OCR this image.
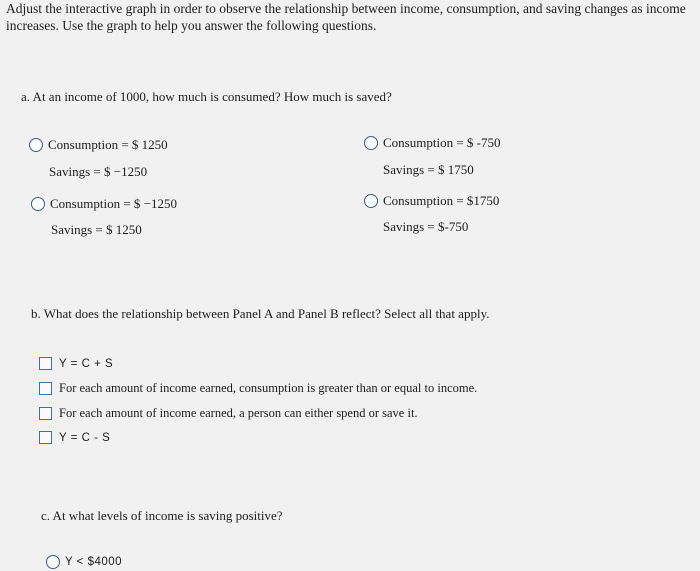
Adjust the interactive graph in order to observe the relationship between income, consumption, and saving changes as income increases. Use the graph to help you answer the following questions.
a. At an income of 1000, how much is consumed? How much is saved?
Consumption = $ 1250
Savings = $ −1250
Consumption = $ -750
Savings = $ 1750
Consumption = $ −1250
Savings = $ 1250
Consumption = $1750
Savings = $-750
b. What does the relationship between Panel A and Panel B reflect? Select all that apply.
Y = C + S
For each amount of income earned, consumption is greater than or equal to income.
For each amount of income earned, a person can either spend or save it.
Y = C - S
c. At what levels of income is saving positive?
Y < $4000
